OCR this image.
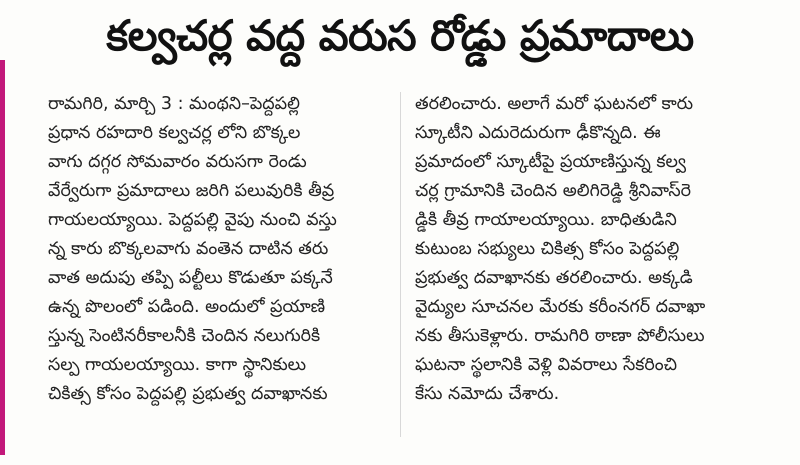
కల్వచర్ల వద్ద వరుస రోడ్డు ప్రమాదాలు
రామగిరి, మార్చి 3 : మంథని–పెద్దపల్లి
ప్రధాన రహదారి కల్వచర్ల లోని బొక్కల
వాగు దగ్గర సోమవారం వరుసగా రెండు
వేర్వేరుగా ప్రమాదాలు జరిగి పలువురికి తీవ్ర
గాయలయ్యాయి. పెద్దపల్లి వైపు నుంచి వస్తు
న్న కారు బొక్కలవాగు వంతెన దాటిన తరు
వాత అదుపు తప్పి పల్టీలు కొడుతూ పక్కనే
ఉన్న పొలంలో పడింది. అందులో ప్రయాణి
స్తున్న సెంటినరీకాలనీకి చెందిన నలుగురికి
సల్ప గాయలయ్యాయి. కాగా స్థానికులు
చికిత్స కోసం పెద్దపల్లి ప్రభుత్వ దవాఖానకు
తరలించారు. అలాగే మరో ఘటనలో కారు
స్కూటీని ఎదురెదురుగా ఢీకొన్నది. ఈ
ప్రమాదంలో స్కూటీపై ప్రయాణిస్తున్న కల్వ
చర్ల గ్రామానికి చెందిన అలిగిరెడ్డి శ్రీనివాస్‌రె
డ్డికి తీవ్ర గాయాలయ్యాయి. బాధితుడిని
కుటుంబ సభ్యులు చికిత్స కోసం పెద్దపల్లి
ప్రభుత్వ దవాఖానకు తరలించారు. అక్కడి
వైద్యుల సూచనల మేరకు కరీంనగర్ దవాఖా
నకు తీసుకెళ్లారు. రామగిరి ఠాణా పోలీసులు
ఘటనా స్థలానికి వెళ్లి వివరాలు సేకరించి
కేసు నమోదు చేశారు.
